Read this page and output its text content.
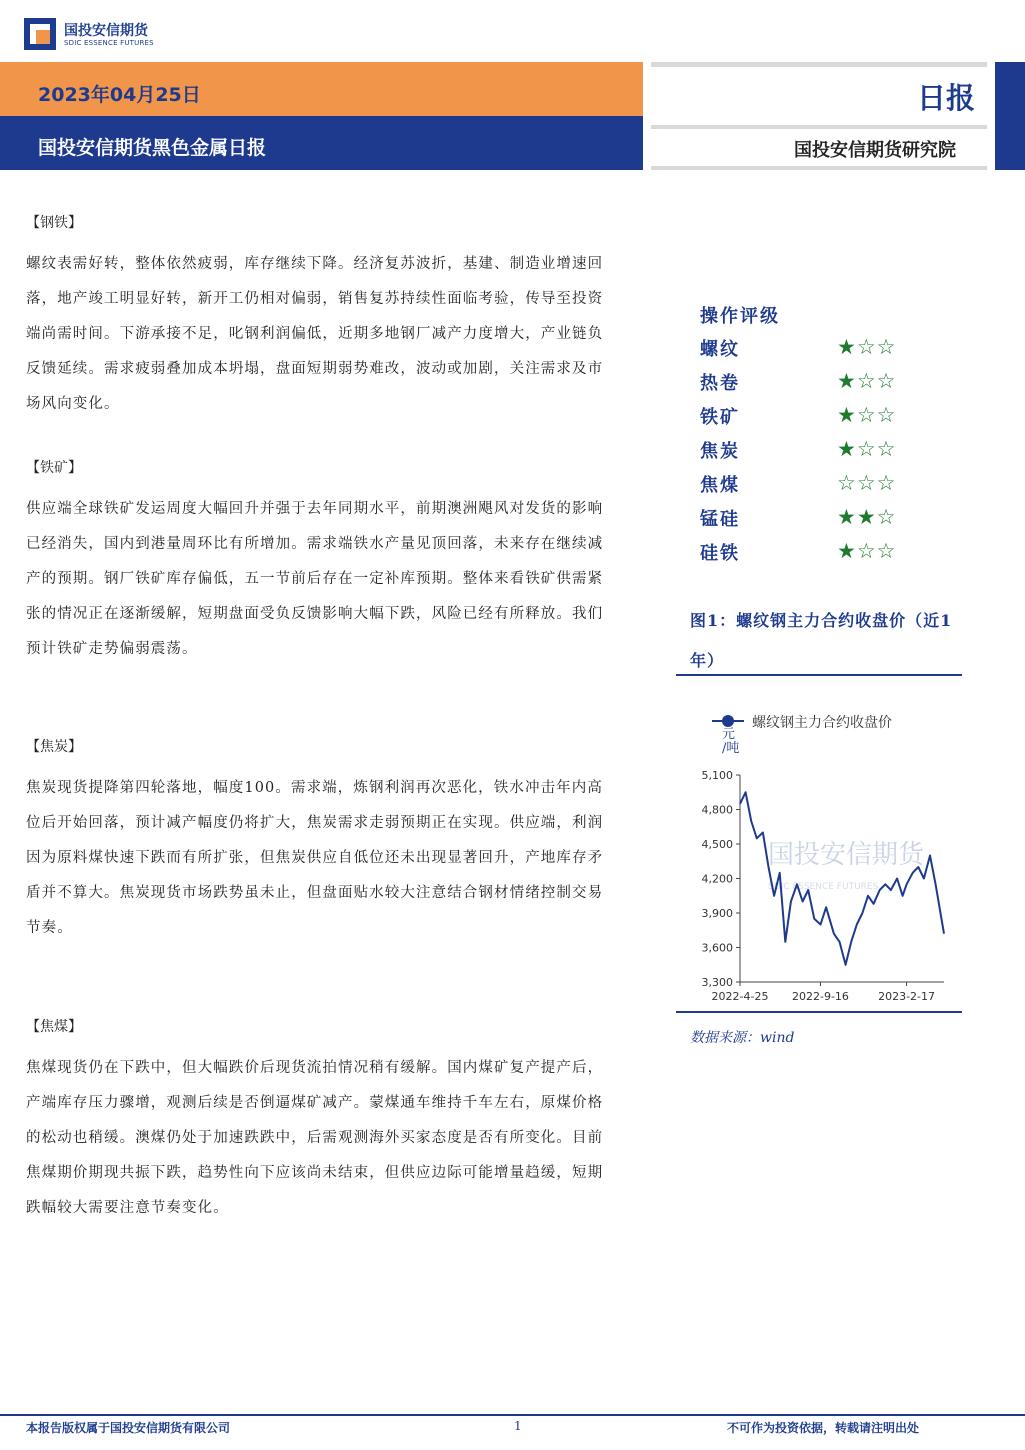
国投安信期货
SDIC ESSENCE FUTURES
2023年04月25日
国投安信期货黑色金属日报
日报
国投安信期货研究院
【钢铁】
螺纹表需好转，整体依然疲弱，库存继续下降。经济复苏波折，基建、制造业增速回落，地产竣工明显好转，新开工仍相对偏弱，销售复苏持续性面临考验，传导至投资端尚需时间。下游承接不足，叱钢利润偏低，近期多地钢厂减产力度增大，产业链负反馈延续。需求疲弱叠加成本坍塌，盘面短期弱势难改，波动或加剧，关注需求及市场风向变化。
【铁矿】
供应端全球铁矿发运周度大幅回升并强于去年同期水平，前期澳洲飓风对发货的影响已经消失，国内到港量周环比有所增加。需求端铁水产量见顶回落，未来存在继续减产的预期。钢厂铁矿库存偏低，五一节前后存在一定补库预期。整体来看铁矿供需紧张的情况正在逐渐缓解，短期盘面受负反馈影响大幅下跌，风险已经有所释放。我们预计铁矿走势偏弱震荡。
【焦炭】
焦炭现货提降第四轮落地，幅度100。需求端，炼钢利润再次恶化，铁水冲击年内高位后开始回落，预计减产幅度仍将扩大，焦炭需求走弱预期正在实现。供应端，利润因为原料煤快速下跌而有所扩张，但焦炭供应自低位还未出现显著回升，产地库存矛盾并不算大。焦炭现货市场跌势虽未止，但盘面贴水较大注意结合钢材情绪控制交易节奏。
【焦煤】
焦煤现货仍在下跌中，但大幅跌价后现货流拍情况稍有缓解。国内煤矿复产提产后，产端库存压力骤增，观测后续是否倒逼煤矿减产。蒙煤通车维持千车左右，原煤价格的松动也稍缓。澳煤仍处于加速跌跌中，后需观测海外买家态度是否有所变化。目前焦煤期价期现共振下跌，趋势性向下应该尚未结束，但供应边际可能增量趋缓，短期跌幅较大需要注意节奏变化。
操作评级
螺纹	★☆☆
热卷	★☆☆
铁矿	★☆☆
焦炭	★☆☆
焦煤	☆☆☆
锰硅	★★☆
硅铁	★☆☆
图1：螺纹钢主力合约收盘价（近1年）
国投安信期货
SDIC ESSENCE FUTURES
螺纹钢主力合约收盘价
元
/吨
5,100
4,800
4,500
4,200
3,900
3,600
3,300
2022-4-25 2022-9-16	2023-2-17
数据来源：wind
本报告版权属于国投安信期货有限公司	1	不可作为投资依据，转载请注明出处
